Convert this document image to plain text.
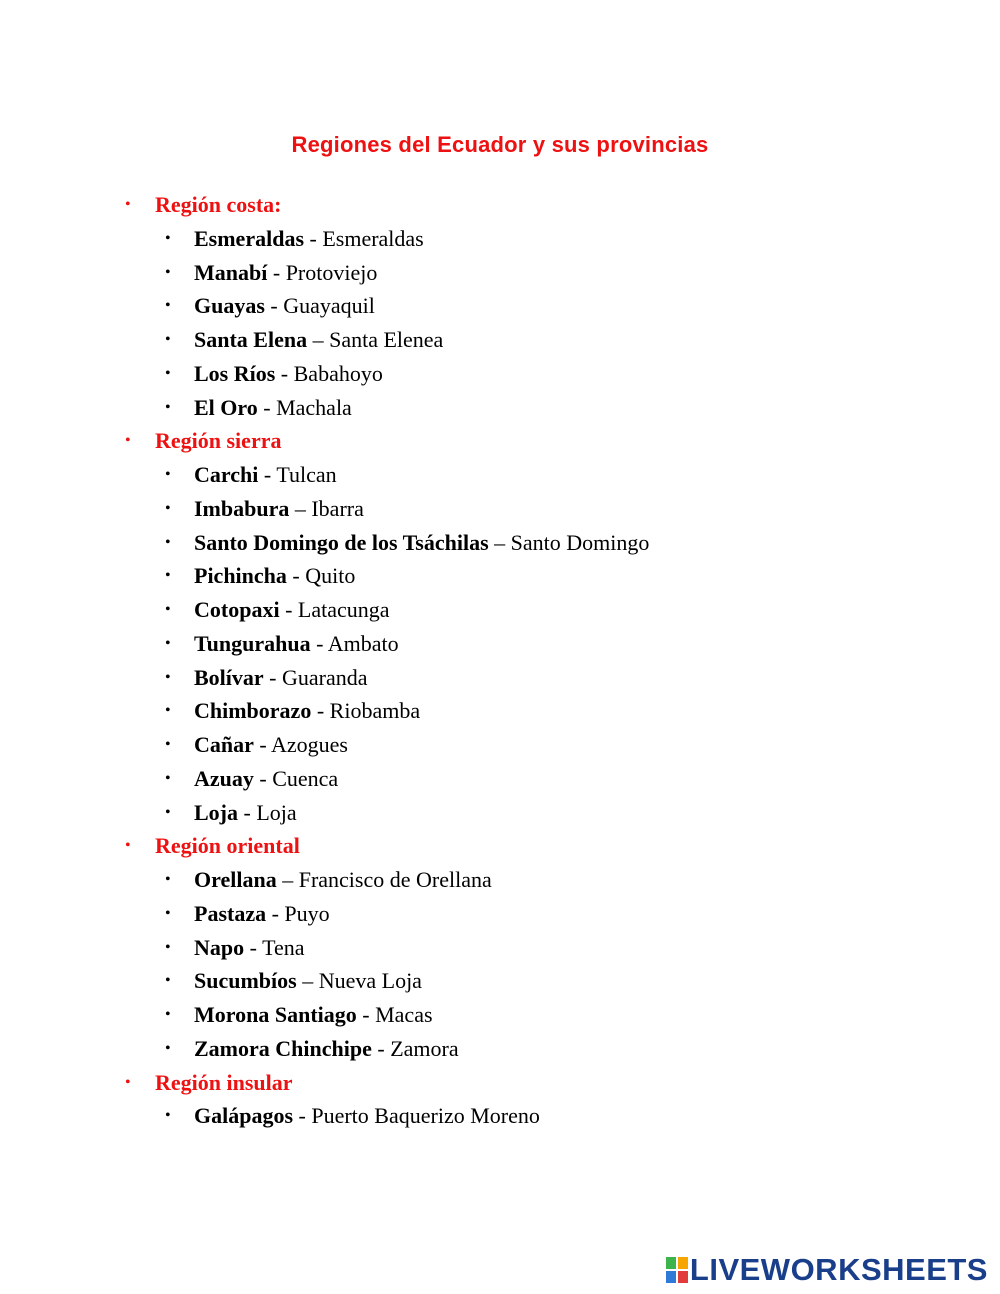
Regiones del Ecuador y sus provincias
• Región costa:
• Esmeraldas - Esmeraldas
• Manabí - Protoviejo
• Guayas - Guayaquil
• Santa Elena – Santa Elenea
• Los Ríos - Babahoyo
• El Oro - Machala
• Región sierra
• Carchi - Tulcan
• Imbabura – Ibarra
• Santo Domingo de los Tsáchilas – Santo Domingo
• Pichincha - Quito
• Cotopaxi - Latacunga
• Tungurahua - Ambato
• Bolívar - Guaranda
• Chimborazo - Riobamba
• Cañar - Azogues
• Azuay - Cuenca
• Loja - Loja
• Región oriental
• Orellana – Francisco de Orellana
• Pastaza - Puyo
• Napo - Tena
• Sucumbíos – Nueva Loja
• Morona Santiago - Macas
• Zamora Chinchipe - Zamora
• Región insular
• Galápagos - Puerto Baquerizo Moreno
LIVEWORKSHEETS
